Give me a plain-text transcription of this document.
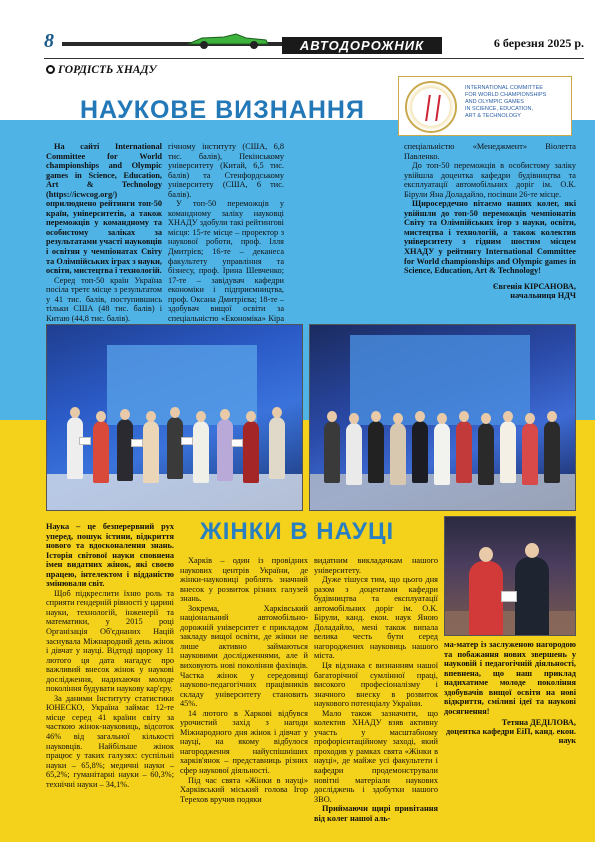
8	АВТОДОРОЖНИК	6 березня 2025 р.
ГОРДІСТЬ ХНАДУ
НАУКОВЕ ВИЗНАННЯ
INTERNATIONAL COMMITTEE
FOR WORLD CHAMPIONSHIPS
AND OLYMPIC GAMES
IN SCIENCE, EDUCATION,
ART & TECHNOLOGY

На сайті International Committee for World championships and Olympic games in Science, Education, Art & Technology (https://icwcog.org/) оприлюднено рейтинги топ-50 країн, університетів, а також переможців у командному та особистому заліках за результатами участі науковців і освітян у чемпіонатах Світу та Олімпійських іграх з науки, освіти, мистецтва і технологій.

Серед топ-50 країн Україна посіла третє місце з результатом у 41 тис. балів, поступившись тільки США (48 тис. балів) і Китаю (44,8 тис. балів).

гічному інституту (США, 6,8 тис. балів), Пекінському університету (Китай, 6,5 тис. балів) та Стенфордському університету (США, 6 тис. балів).

У топ-50 переможців у командному заліку науковці ХНАДУ здобули такі рейтингові місця: 15-те місце – проректор з наукової роботи, проф. Ілля Дмитрієв; 16-те – деканеса факультету управління та бізнесу, проф. Ірина Шевченко; 17-те – завідувач кафедри економіки і підприємництва, проф. Оксана Дмитрієва; 18-те – здобувач вищої освіти за спеціальністю «Економіка» Кіра

спеціальністю «Менеджмент» Віолетта Павленко.

До топ-50 переможців в особистому заліку увійшла доцентка кафедри будівництва та експлуатації автомобільних доріг ім. О.К. Бірули Яна Доладайло, посівши 26-те місце.

Щиросердечно вітаємо наших колег, які увійшли до топ-50 переможців чемпіонатів Світу та Олімпійських ігор з науки, освіти, мистецтва і технологій, а також колектив університету з гідним шостим місцем ХНАДУ у рейтингу International Committee for World championships and Olympic games in Science, Education, Art & Technology!

Євгенія КІРСАНОВА,
начальниця НДЧ
ЖІНКИ В НАУЦІ

Наука – це безперервний рух уперед, пошук істини, відкриття нового та вдосконалення знань. Історія світової науки сповнена імен видатних жінок, які своєю працею, інтелектом і відданістю змінювали світ.

Щоб підкреслити їхню роль та сприяти гендерній рівності у царині науки, технологій, інженерії та математики, у 2015 році Організація Об'єднаних Націй заснувала Міжнародний день жінок і дівчат у науці. Відтоді щороку 11 лютого ця дата нагадує про важливий внесок жінок у наукові дослідження, надихаючи молоде покоління будувати наукову кар'єру.

За даними Інституту статистики ЮНЕСКО, Україна займає 12-те місце серед 41 країни світу за часткою жінок-науковиць, відсоток 46% від загальної кількості науковців. Найбільше жінок працює у таких галузях: суспільні науки – 65,8%; медичні науки – 65,2%; гуманітарні науки – 60,3%; технічні науки – 34,1%.

Харків – один із провідних наукових центрів України, де жінки-науковиці роблять значний внесок у розвиток різних галузей знань.

Зокрема, Харківський національний автомобільно-дорожній університет є прикладом закладу вищої освіти, де жінки не лише активно займаються науковими дослідженнями, але й виховують нові покоління фахівців. Частка жінок у середовищі науково-педагогічних працівників складу університету становить 45%.

14 лютого в Харкові відбувся урочистий захід з нагоди Міжнародного дня жінок і дівчат у науці, на якому відбулося нагородження найуспішніших харків'янок – представниць різних сфер наукової діяльності.

Під час свята «Жінки в науці» Харківський міський голова Ігор Терехов вручив подяки

видатним викладачкам нашого університету.

Дуже тішуся тим, що цього дня разом з доцентами кафедри будівництва та експлуатації автомобільних доріг ім. О.К. Бірули, канд. екон. наук Яною Доладайло, мені також випала велика честь бути серед нагороджених науковиць нашого міста.

Ця відзнака є визнанням нашої багаторічної сумлінної праці, високого професіоналізму і значного внеску в розвиток наукового потенціалу України.

Мало також зазначити, що колектив ХНАДУ взяв активну участь у масштабному профорієнтаційному заході, який проходив у рамках свята «Жінки в науці», де майже усі факультети і кафедри продемонстрували новітні матеріали наукових досліджень і здобутки нашого ЗВО.

Приймаючи щирі привітання від колег нашої аль-

ма-матер із заслуженою нагородою та побажання нових звершень у науковій і педагогічній діяльності, впевнена, що наш приклад надихатиме молоде покоління здобувачів вищої освіти на нові відкриття, сміливі ідеї та наукові досягнення!

Тетяна ДЕДІЛОВА,
доцентка кафедри ЕіП, канд. екон. наук
